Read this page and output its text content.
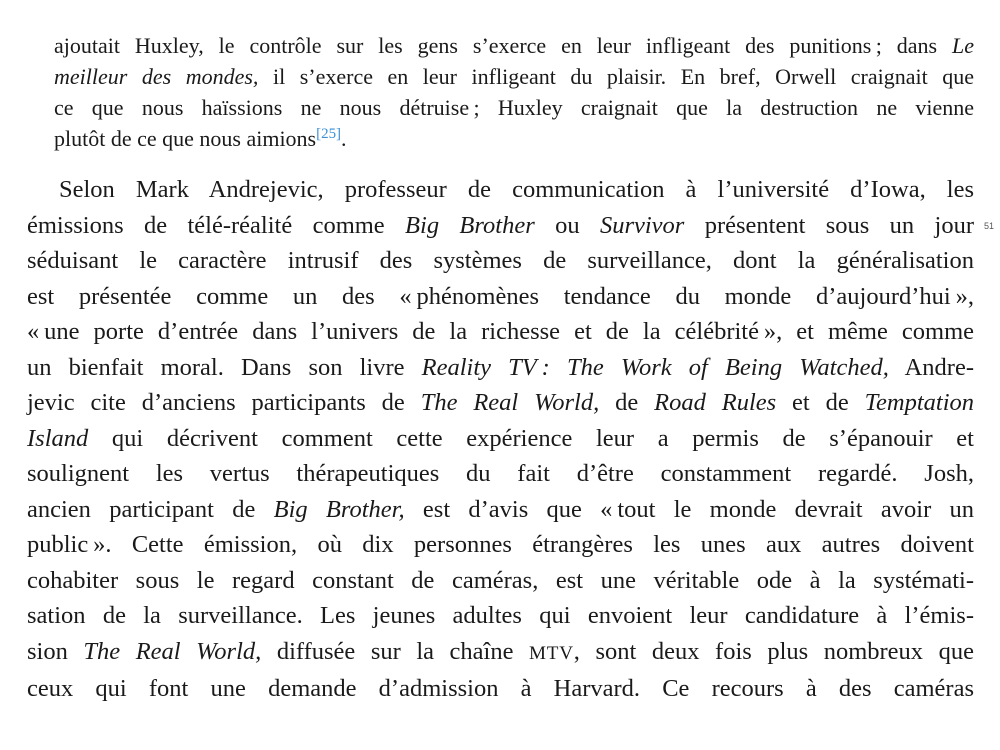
ajoutait Huxley, le contrôle sur les gens s’exerce en leur infligeant des punitions ; dans Le
meilleur des mondes, il s’exerce en leur infligeant du plaisir. En bref, Orwell craignait que
ce que nous haïssions ne nous détruise ; Huxley craignait que la destruction ne vienne
plutôt de ce que nous aimions[25].
51
Selon Mark Andrejevic, professeur de communication à l’université d’Iowa, les
émissions de télé-réalité comme Big Brother ou Survivor présentent sous un jour
séduisant le caractère intrusif des systèmes de surveillance, dont la généralisation
est présentée comme un des « phénomènes tendance du monde d’aujourd’hui »,
« une porte d’entrée dans l’univers de la richesse et de la célébrité », et même comme
un bienfait moral. Dans son livre Reality TV : The Work of Being Watched, Andre-
jevic cite d’anciens participants de The Real World, de Road Rules et de Temptation
Island qui décrivent comment cette expérience leur a permis de s’épanouir et
soulignent les vertus thérapeutiques du fait d’être constamment regardé. Josh,
ancien participant de Big Brother, est d’avis que « tout le monde devrait avoir un
public ». Cette émission, où dix personnes étrangères les unes aux autres doivent
cohabiter sous le regard constant de caméras, est une véritable ode à la systémati-
sation de la surveillance. Les jeunes adultes qui envoient leur candidature à l’émis-
sion The Real World, diffusée sur la chaîne MTV, sont deux fois plus nombreux que
ceux qui font une demande d’admission à Harvard. Ce recours à des caméras
